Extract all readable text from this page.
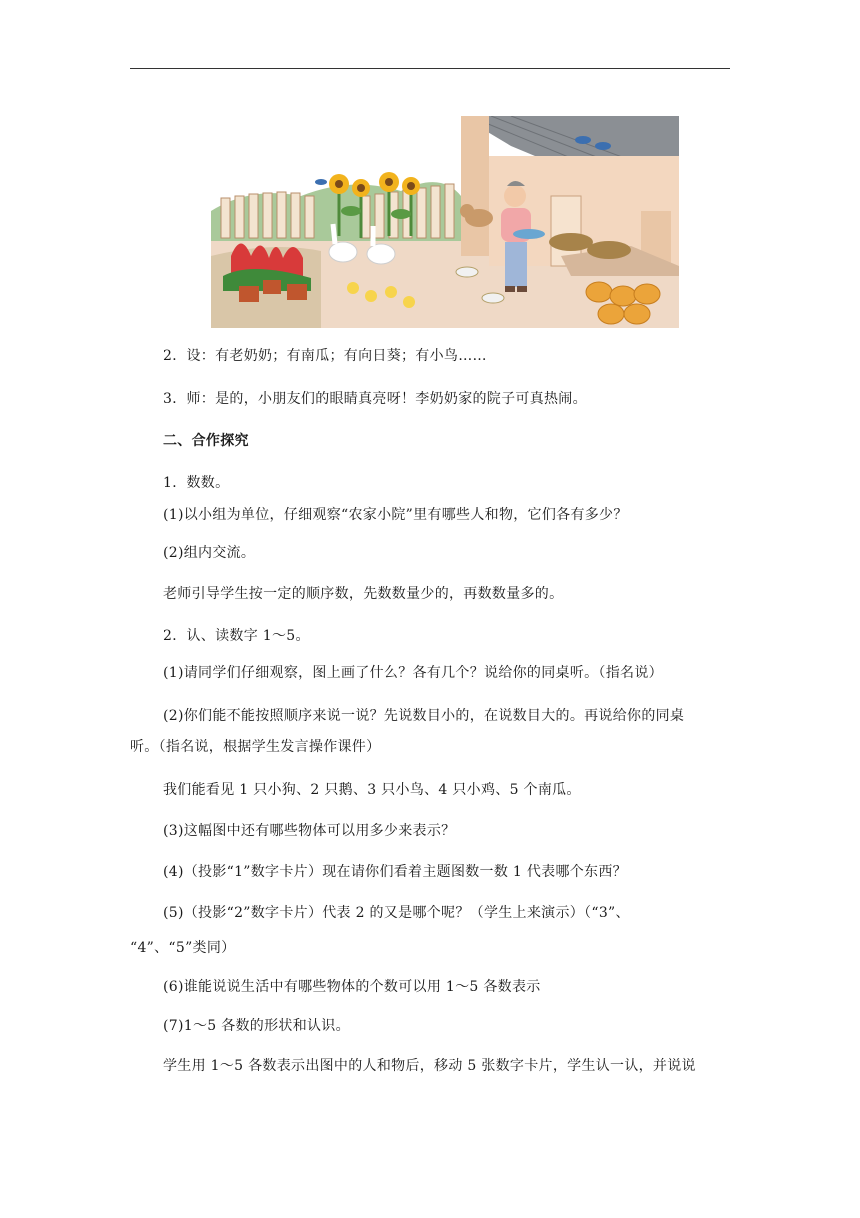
2．设：有老奶奶；有南瓜；有向日葵；有小鸟……
3．师：是的，小朋友们的眼睛真亮呀！李奶奶家的院子可真热闹。
二、合作探究
1．数数。
(1)以小组为单位，仔细观察“农家小院”里有哪些人和物，它们各有多少？
(2)组内交流。
老师引导学生按一定的顺序数，先数数量少的，再数数量多的。
2．认、读数字 1～5。
(1)请同学们仔细观察，图上画了什么？各有几个？说给你的同桌听。（指名说）
(2)你们能不能按照顺序来说一说？先说数目小的，在说数目大的。再说给你的同桌
听。（指名说，根据学生发言操作课件）
我们能看见 1 只小狗、2 只鹅、3 只小鸟、4 只小鸡、5 个南瓜。
(3)这幅图中还有哪些物体可以用多少来表示？
(4)（投影“1”数字卡片）现在请你们看着主题图数一数 1 代表哪个东西？
(5)（投影“2”数字卡片）代表 2 的又是哪个呢？（学生上来演示）（“3”、
“4”、“5”类同）
(6)谁能说说生活中有哪些物体的个数可以用 1～5 各数表示
(7)1～5 各数的形状和认识。
学生用 1～5 各数表示出图中的人和物后，移动 5 张数字卡片，学生认一认，并说说
